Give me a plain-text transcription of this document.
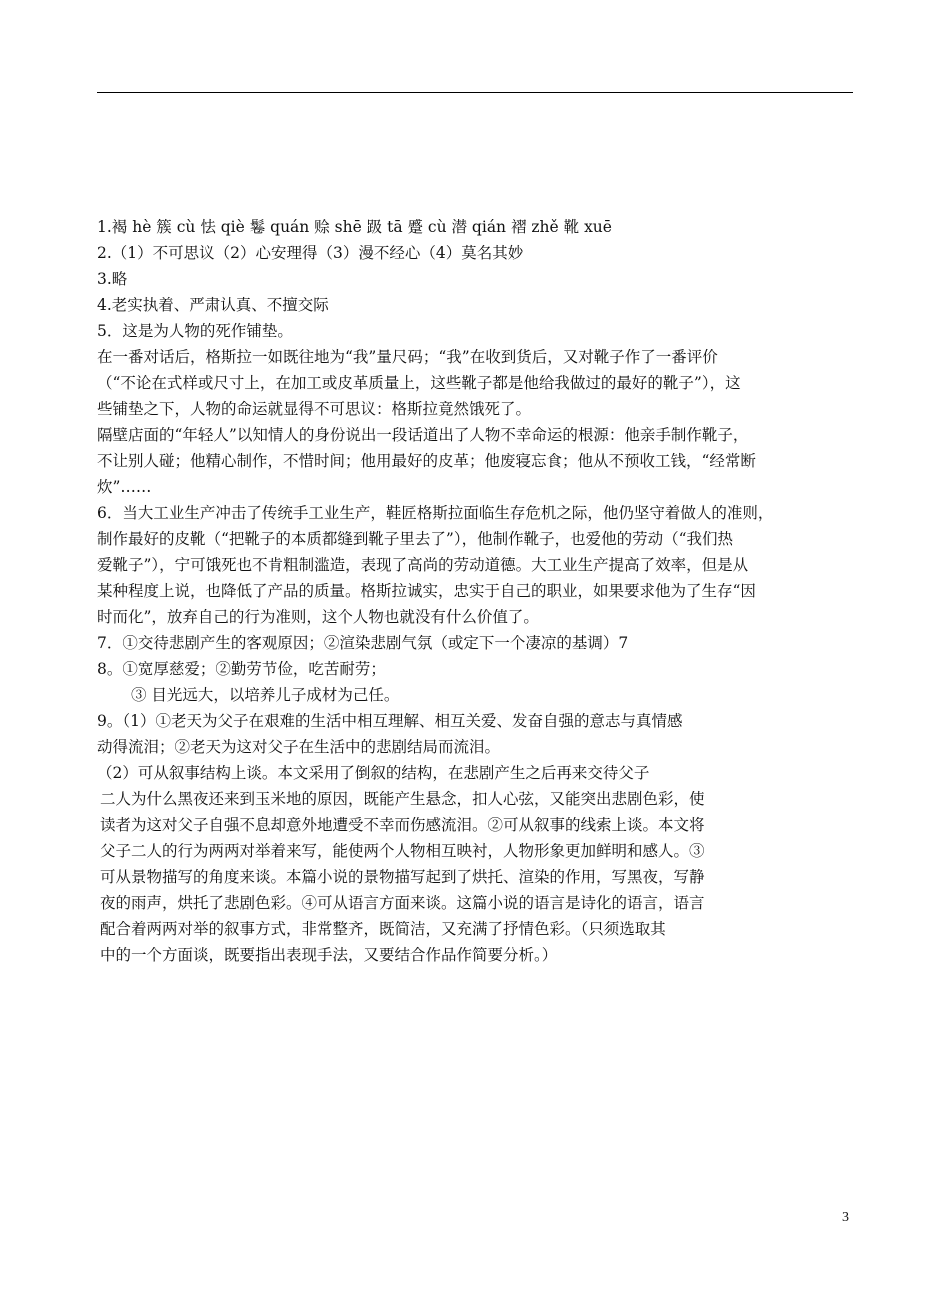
1.褐 hè 簇 cù 怯 qiè 鬈 quán 赊 shē 趿 tā 蹙 cù 潜 qián 褶 zhě 靴 xuē
2.（1）不可思议（2）心安理得（3）漫不经心（4）莫名其妙
3.略
4.老实执着、严肃认真、不擅交际
5．这是为人物的死作铺垫。
在一番对话后，格斯拉一如既往地为“我”量尺码；“我”在收到货后，又对靴子作了一番评价
（“不论在式样或尺寸上，在加工或皮革质量上，这些靴子都是他给我做过的最好的靴子”），这
些铺垫之下，人物的命运就显得不可思议：格斯拉竟然饿死了。
隔壁店面的“年轻人”以知情人的身份说出一段话道出了人物不幸命运的根源：他亲手制作靴子，
不让别人碰；他精心制作，不惜时间；他用最好的皮革；他废寝忘食；他从不预收工钱，“经常断
炊”……
6．当大工业生产冲击了传统手工业生产，鞋匠格斯拉面临生存危机之际，他仍坚守着做人的准则，
制作最好的皮靴（“把靴子的本质都缝到靴子里去了”），他制作靴子，也爱他的劳动（“我们热
爱靴子”），宁可饿死也不肯粗制滥造，表现了高尚的劳动道德。大工业生产提高了效率，但是从
某种程度上说，也降低了产品的质量。格斯拉诚实，忠实于自己的职业，如果要求他为了生存“因
时而化”，放弃自己的行为准则，这个人物也就没有什么价值了。
7．①交待悲剧产生的客观原因；②渲染悲剧气氛（或定下一个凄凉的基调）7
8。①宽厚慈爱；②勤劳节俭，吃苦耐劳；
③ 目光远大，以培养儿子成材为己任。
9。（1）①老天为父子在艰难的生活中相互理解、相互关爱、发奋自强的意志与真情感
动得流泪；②老天为这对父子在生活中的悲剧结局而流泪。
（2）可从叙事结构上谈。本文采用了倒叙的结构，在悲剧产生之后再来交待父子
二人为什么黑夜还来到玉米地的原因，既能产生悬念，扣人心弦，又能突出悲剧色彩，使
读者为这对父子自强不息却意外地遭受不幸而伤感流泪。②可从叙事的线索上谈。本文将
父子二人的行为两两对举着来写，能使两个人物相互映衬，人物形象更加鲜明和感人。③
可从景物描写的角度来谈。本篇小说的景物描写起到了烘托、渲染的作用，写黑夜，写静
夜的雨声，烘托了悲剧色彩。④可从语言方面来谈。这篇小说的语言是诗化的语言，语言
配合着两两对举的叙事方式，非常整齐，既简洁，又充满了抒情色彩。（只须选取其
中的一个方面谈，既要指出表现手法，又要结合作品作简要分析。）
3
